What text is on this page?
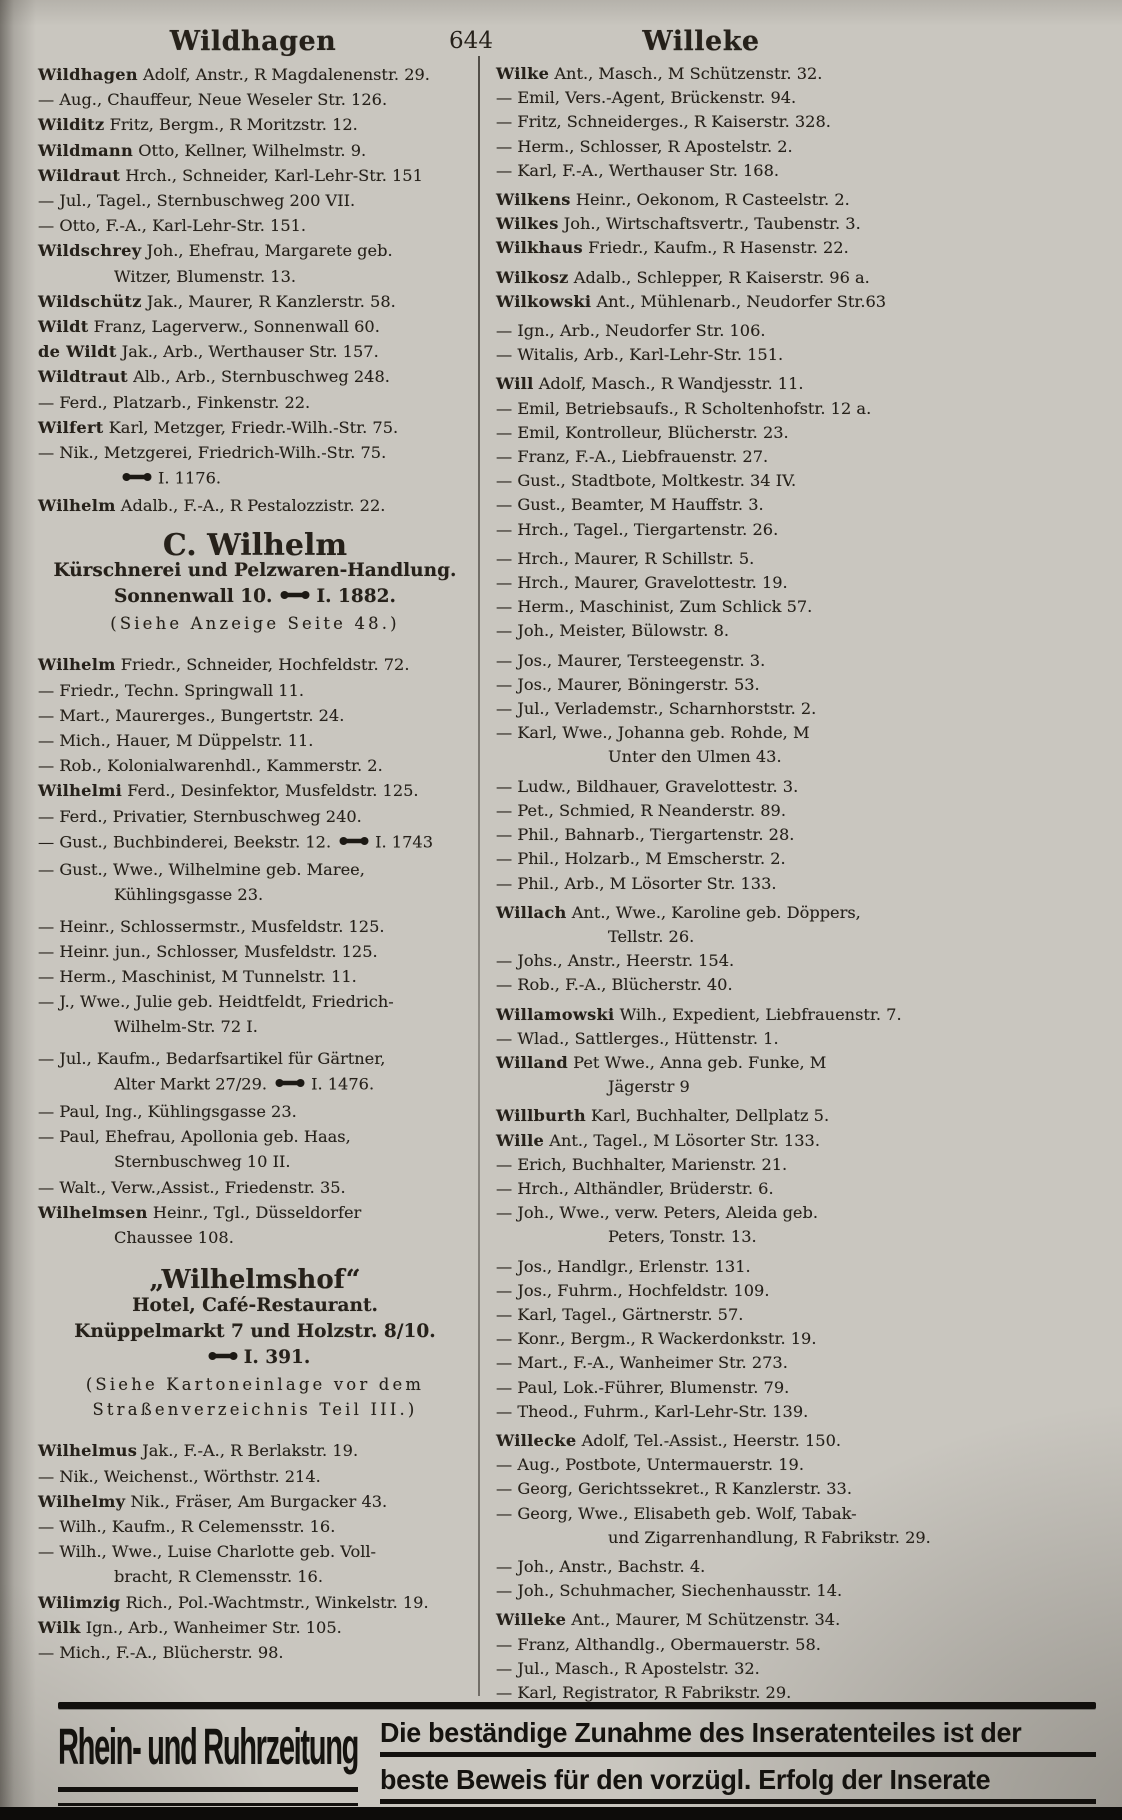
Wildhagen	644	Willeke
Wildhagen Adolf, Anstr., R Magdalenenstr. 29.
— Aug., Chauffeur, Neue Weseler Str. 126.
Wilditz Fritz, Bergm., R Moritzstr. 12.
Wildmann Otto, Kellner, Wilhelmstr. 9.
Wildraut Hrch., Schneider, Karl-Lehr-Str. 151
— Jul., Tagel., Sternbuschweg 200 VII.
— Otto, F.-A., Karl-Lehr-Str. 151.
Wildschrey Joh., Ehefrau, Margarete geb.
Witzer, Blumenstr. 13.
Wildschütz Jak., Maurer, R Kanzlerstr. 58.
Wildt Franz, Lagerverw., Sonnenwall 60.
de Wildt Jak., Arb., Werthauser Str. 157.
Wildtraut Alb., Arb., Sternbuschweg 248.
— Ferd., Platzarb., Finkenstr. 22.
Wilfert Karl, Metzger, Friedr.-Wilh.-Str. 75.
— Nik., Metzgerei, Friedrich-Wilh.-Str. 75.
I. 1176.
Wilhelm Adalb., F.-A., R Pestalozzistr. 22.
C. Wilhelm
Kürschnerei und Pelzwaren-Handlung.
Sonnenwall 10. I. 1882.
(Siehe Anzeige Seite 48.)
Wilhelm Friedr., Schneider, Hochfeldstr. 72.
— Friedr., Techn. Springwall 11.
— Mart., Maurerges., Bungertstr. 24.
— Mich., Hauer, M Düppelstr. 11.
— Rob., Kolonialwarenhdl., Kammerstr. 2.
Wilhelmi Ferd., Desinfektor, Musfeldstr. 125.
— Ferd., Privatier, Sternbuschweg 240.
— Gust., Buchbinderei, Beekstr. 12.	I. 1743
— Gust., Wwe., Wilhelmine geb. Maree,
Kühlingsgasse 23.
— Heinr., Schlossermstr., Musfeldstr. 125.
— Heinr. jun., Schlosser, Musfeldstr. 125.
— Herm., Maschinist, M Tunnelstr. 11.
— J., Wwe., Julie geb. Heidtfeldt, Friedrich-
Wilhelm-Str. 72 I.
— Jul., Kaufm., Bedarfsartikel für Gärtner,
Alter Markt 27/29.	I. 1476.
— Paul, Ing., Kühlingsgasse 23.
— Paul, Ehefrau, Apollonia geb. Haas,
Sternbuschweg 10 II.
— Walt., Verw.,Assist., Friedenstr. 35.
Wilhelmsen Heinr., Tgl., Düsseldorfer
Chaussee 108.
„Wilhelmshof“
Hotel, Café-Restaurant.
Knüppelmarkt 7 und Holzstr. 8/10.
I. 391.
(Siehe Kartoneinlage vor dem
Straßenverzeichnis Teil III.)
Wilhelmus Jak., F.-A., R Berlakstr. 19.
— Nik., Weichenst., Wörthstr. 214.
Wilhelmy Nik., Fräser, Am Burgacker 43.
— Wilh., Kaufm., R Celemensstr. 16.
— Wilh., Wwe., Luise Charlotte geb. Voll-
bracht, R Clemensstr. 16.
Wilimzig Rich., Pol.-Wachtmstr., Winkelstr. 19.
Wilk Ign., Arb., Wanheimer Str. 105.
— Mich., F.-A., Blücherstr. 98.
Wilke Ant., Masch., M Schützenstr. 32.
— Emil, Vers.-Agent, Brückenstr. 94.
— Fritz, Schneiderges., R Kaiserstr. 328.
— Herm., Schlosser, R Apostelstr. 2.
— Karl, F.-A., Werthauser Str. 168.
Wilkens Heinr., Oekonom, R Casteelstr. 2.
Wilkes Joh., Wirtschaftsvertr., Taubenstr. 3.
Wilkhaus Friedr., Kaufm., R Hasenstr. 22.
Wilkosz Adalb., Schlepper, R Kaiserstr. 96 a.
Wilkowski Ant., Mühlenarb., Neudorfer Str.63
— Ign., Arb., Neudorfer Str. 106.
— Witalis, Arb., Karl-Lehr-Str. 151.
Will Adolf, Masch., R Wandjesstr. 11.
— Emil, Betriebsaufs., R Scholtenhofstr. 12 a.
— Emil, Kontrolleur, Blücherstr. 23.
— Franz, F.-A., Liebfrauenstr. 27.
— Gust., Stadtbote, Moltkestr. 34 IV.
— Gust., Beamter, M Hauffstr. 3.
— Hrch., Tagel., Tiergartenstr. 26.
— Hrch., Maurer, R Schillstr. 5.
— Hrch., Maurer, Gravelottestr. 19.
— Herm., Maschinist, Zum Schlick 57.
— Joh., Meister, Bülowstr. 8.
— Jos., Maurer, Tersteegenstr. 3.
— Jos., Maurer, Böningerstr. 53.
— Jul., Verlademstr., Scharnhorststr. 2.
— Karl, Wwe., Johanna geb. Rohde, M
Unter den Ulmen 43.
— Ludw., Bildhauer, Gravelottestr. 3.
— Pet., Schmied, R Neanderstr. 89.
— Phil., Bahnarb., Tiergartenstr. 28.
— Phil., Holzarb., M Emscherstr. 2.
— Phil., Arb., M Lösorter Str. 133.
Willach Ant., Wwe., Karoline geb. Döppers,
Tellstr. 26.
— Johs., Anstr., Heerstr. 154.
— Rob., F.-A., Blücherstr. 40.
Willamowski Wilh., Expedient, Liebfrauenstr. 7.
— Wlad., Sattlerges., Hüttenstr. 1.
Willand Pet Wwe., Anna geb. Funke, M
Jägerstr 9
Willburth Karl, Buchhalter, Dellplatz 5.
Wille Ant., Tagel., M Lösorter Str. 133.
— Erich, Buchhalter, Marienstr. 21.
— Hrch., Althändler, Brüderstr. 6.
— Joh., Wwe., verw. Peters, Aleida geb.
Peters, Tonstr. 13.
— Jos., Handlgr., Erlenstr. 131.
— Jos., Fuhrm., Hochfeldstr. 109.
— Karl, Tagel., Gärtnerstr. 57.
— Konr., Bergm., R Wackerdonkstr. 19.
— Mart., F.-A., Wanheimer Str. 273.
— Paul, Lok.-Führer, Blumenstr. 79.
— Theod., Fuhrm., Karl-Lehr-Str. 139.
Willecke Adolf, Tel.-Assist., Heerstr. 150.
— Aug., Postbote, Untermauerstr. 19.
— Georg, Gerichtssekret., R Kanzlerstr. 33.
— Georg, Wwe., Elisabeth geb. Wolf, Tabak-
und Zigarrenhandlung, R Fabrikstr. 29.
— Joh., Anstr., Bachstr. 4.
— Joh., Schuhmacher, Siechenhausstr. 14.
Willeke Ant., Maurer, M Schützenstr. 34.
— Franz, Althandlg., Obermauerstr. 58.
— Jul., Masch., R Apostelstr. 32.
— Karl, Registrator, R Fabrikstr. 29.
Rhein- und Ruhrzeitung Die beständige Zunahme des Inseratenteiles ist der
beste Beweis für den vorzügl. Erfolg der Inserate
